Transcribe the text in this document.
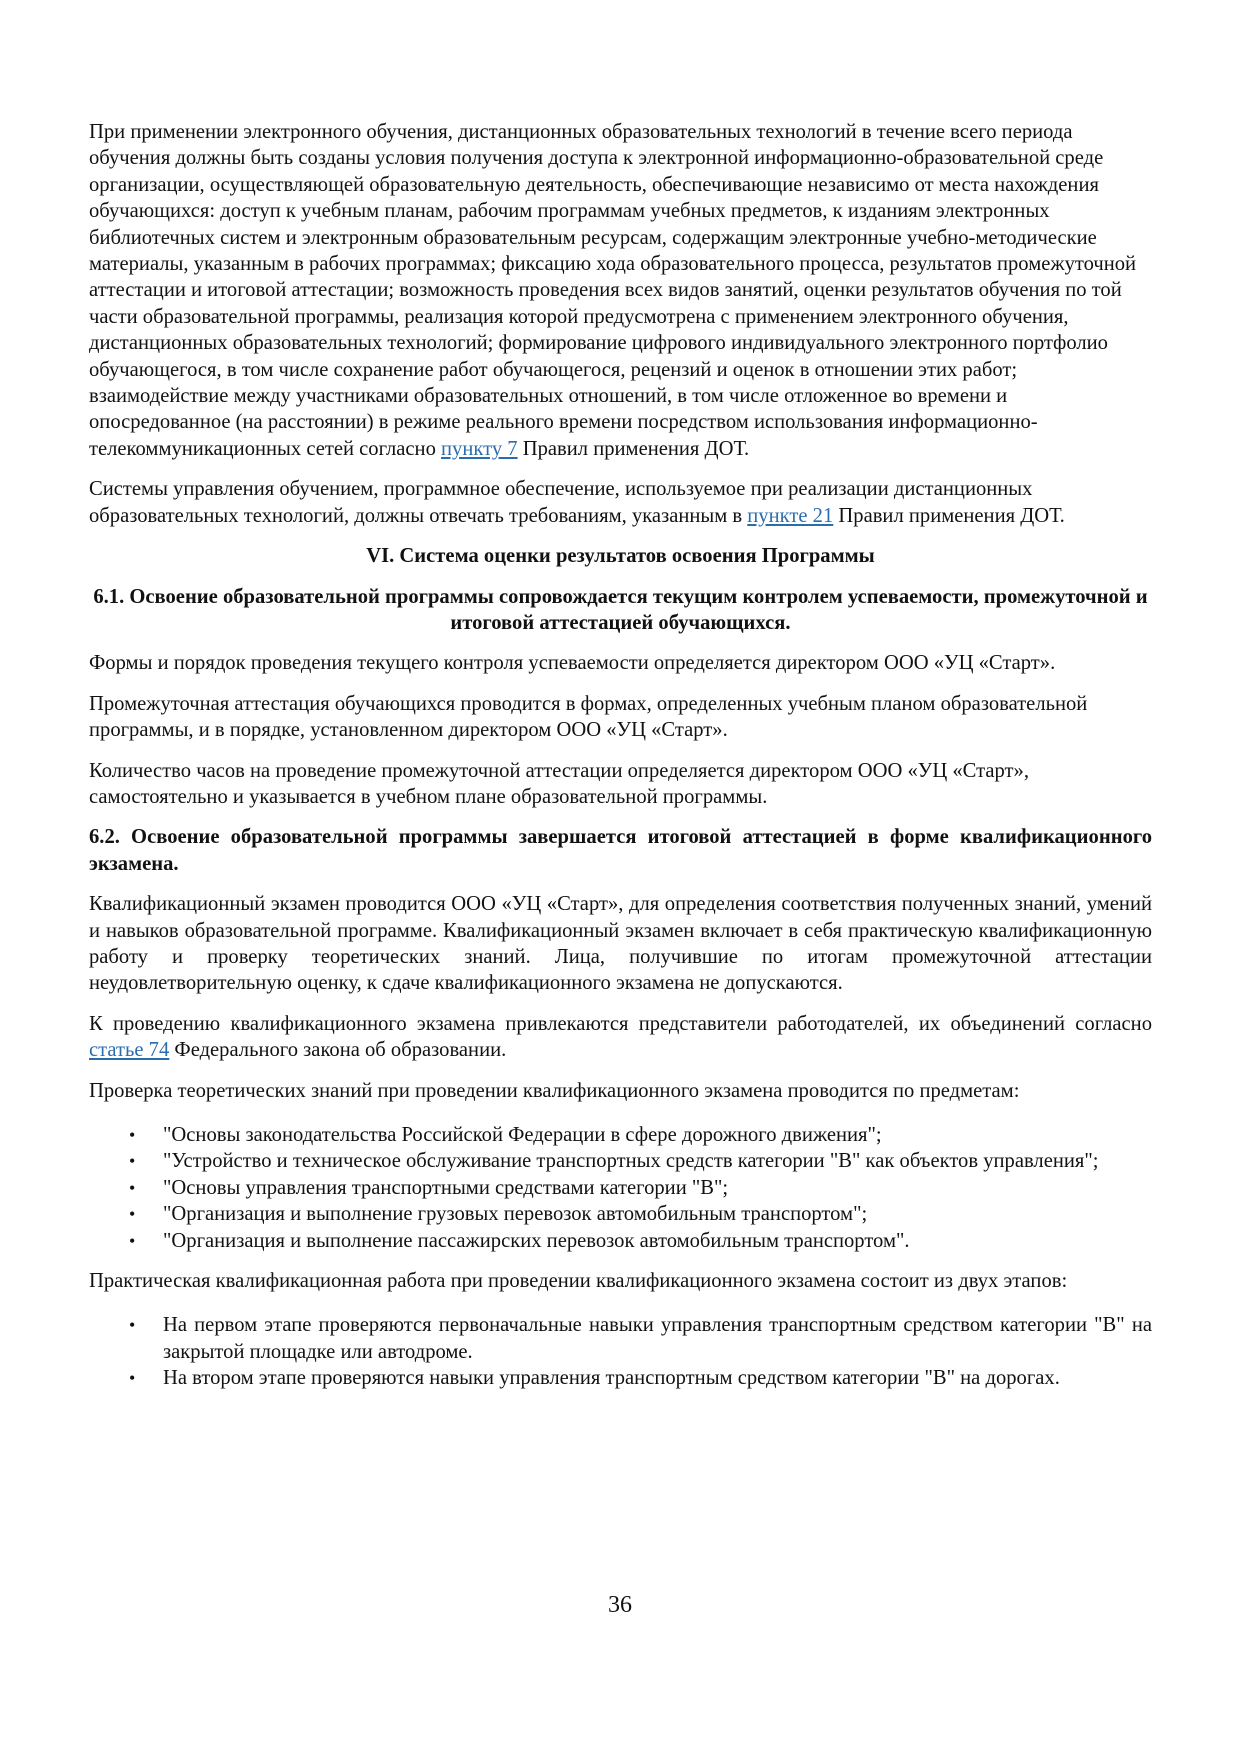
При применении электронного обучения, дистанционных образовательных технологий в течение всего периода обучения должны быть созданы условия получения доступа к электронной информационно-образовательной среде организации, осуществляющей образовательную деятельность, обеспечивающие независимо от места нахождения обучающихся: доступ к учебным планам, рабочим программам учебных предметов, к изданиям электронных библиотечных систем и электронным образовательным ресурсам, содержащим электронные учебно-методические материалы, указанным в рабочих программах; фиксацию хода образовательного процесса, результатов промежуточной аттестации и итоговой аттестации; возможность проведения всех видов занятий, оценки результатов обучения по той части образовательной программы, реализация которой предусмотрена с применением электронного обучения, дистанционных образовательных технологий; формирование цифрового индивидуального электронного портфолио обучающегося, в том числе сохранение работ обучающегося, рецензий и оценок в отношении этих работ; взаимодействие между участниками образовательных отношений, в том числе отложенное во времени и опосредованное (на расстоянии) в режиме реального времени посредством использования информационно-телекоммуникационных сетей согласно пункту 7 Правил применения ДОТ.

Системы управления обучением, программное обеспечение, используемое при реализации дистанционных образовательных технологий, должны отвечать требованиям, указанным в пункте 21 Правил применения ДОТ.

VI. Система оценки результатов освоения Программы
6.1. Освоение образовательной программы сопровождается текущим контролем успеваемости, промежуточной и итоговой аттестацией обучающихся.

Формы и порядок проведения текущего контроля успеваемости определяется директором ООО «УЦ «Старт».

Промежуточная аттестация обучающихся проводится в формах, определенных учебным планом образовательной программы, и в порядке, установленном директором ООО «УЦ «Старт».

Количество часов на проведение промежуточной аттестации определяется директором ООО «УЦ «Старт», самостоятельно и указывается в учебном плане образовательной программы.

6.2. Освоение образовательной программы завершается итоговой аттестацией в форме квалификационного экзамена.

Квалификационный экзамен проводится ООО «УЦ «Старт», для определения соответствия полученных знаний, умений и навыков образовательной программе. Квалификационный экзамен включает в себя практическую квалификационную работу и проверку теоретических знаний. Лица, получившие по итогам промежуточной аттестации неудовлетворительную оценку, к сдаче квалификационного экзамена не допускаются.

К проведению квалификационного экзамена привлекаются представители работодателей, их объединений согласно статье 74 Федерального закона об образовании.

Проверка теоретических знаний при проведении квалификационного экзамена проводится по предметам:

• "Основы законодательства Российской Федерации в сфере дорожного движения";
• "Устройство и техническое обслуживание транспортных средств категории "B" как объектов управления";
• "Основы управления транспортными средствами категории "B";
• "Организация и выполнение грузовых перевозок автомобильным транспортом";
• "Организация и выполнение пассажирских перевозок автомобильным транспортом".

Практическая квалификационная работа при проведении квалификационного экзамена состоит из двух этапов:

• На первом этапе проверяются первоначальные навыки управления транспортным средством категории "B" на закрытой площадке или автодроме.
• На втором этапе проверяются навыки управления транспортным средством категории "B" на дорогах.
36
